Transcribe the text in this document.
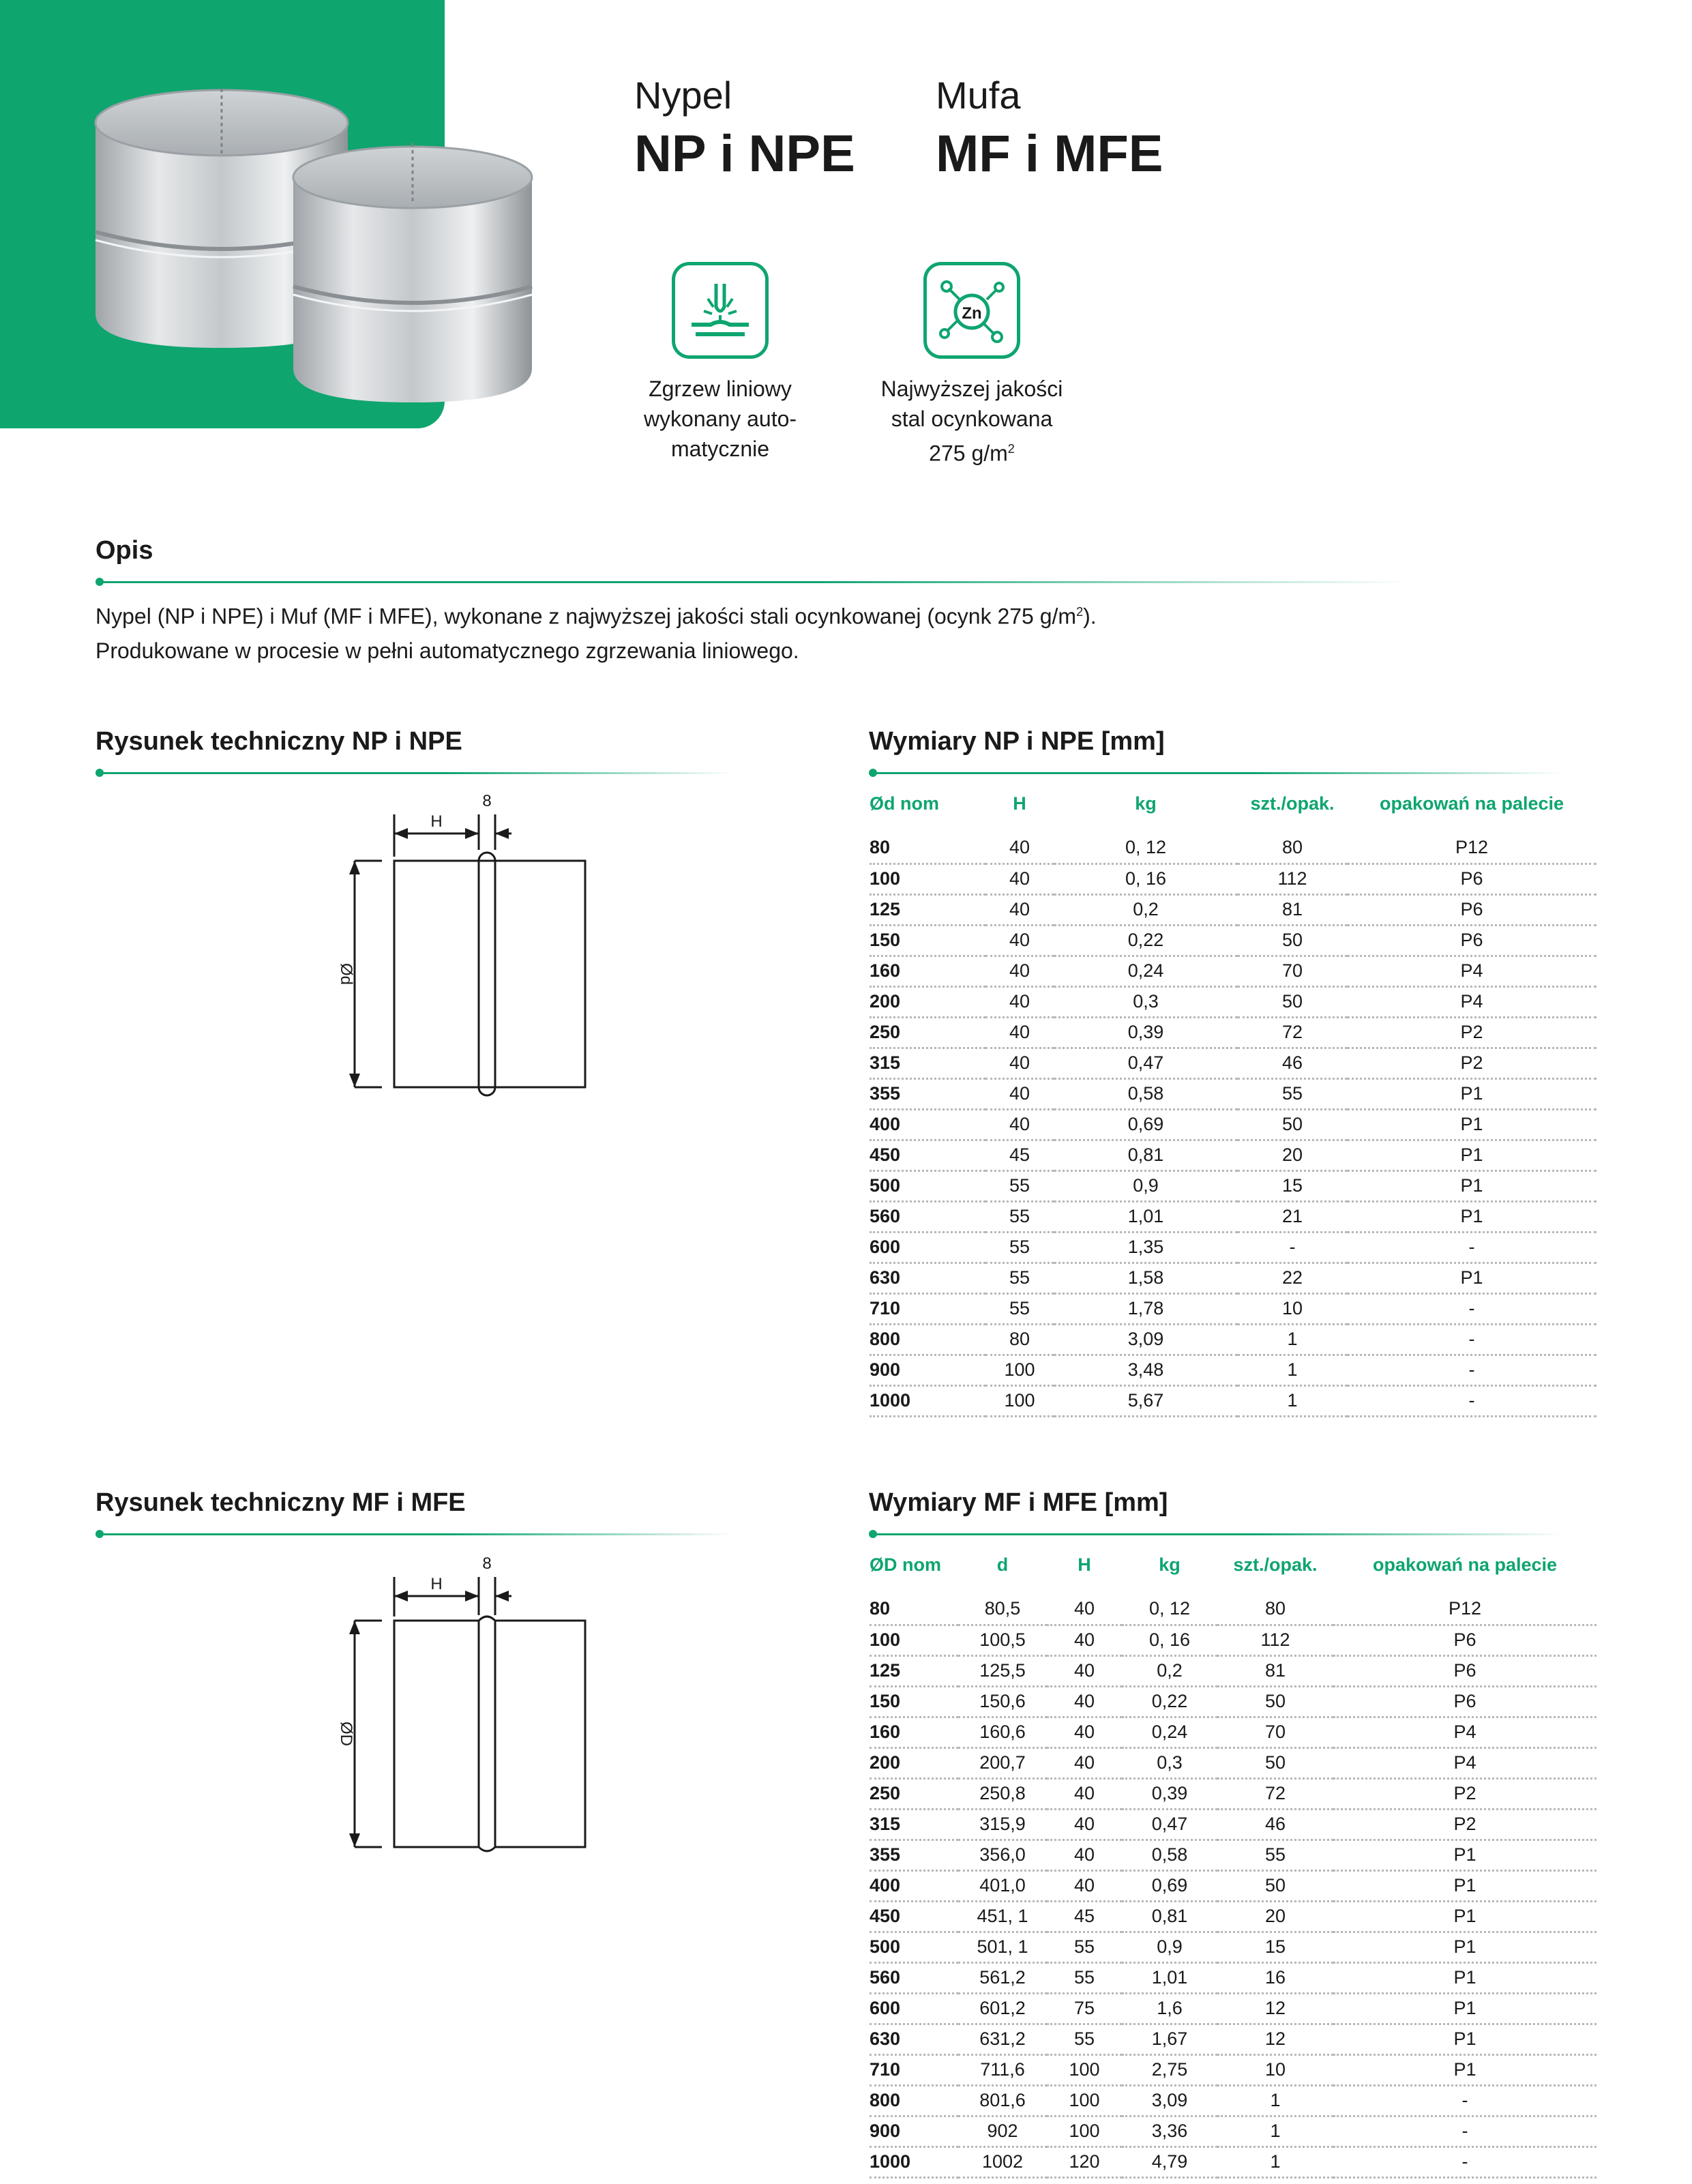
Nypel
NP i NPE
Mufa
MF i MFE
Zgrzew liniowy
wykonany auto-
matycznie
Zn
Najwyższej jakości
stal ocynkowana
275 $g/m^2$
Opis
Nypel (NP i NPE) i Muf (MF i MFE), wykonane z najwyższej jakości stali ocynkowanej (ocynk 275 $g/m^2$).
Produkowane w procesie w pełni automatycznego zgrzewania liniowego.
Rysunek techniczny NP i NPE
H
8
Ød
Wymiary NP i NPE [mm]
Ød nom	H	kg	szt./opak.	opakowań na palecie
80	40	0, 12	80	P12
100	40	0, 16	112	P6
125	40	0,2	81	P6
150	40	0,22	50	P6
160	40	0,24	70	P4
200	40	0,3	50	P4
250	40	0,39	72	P2
315	40	0,47	46	P2
355	40	0,58	55	P1
400	40	0,69	50	P1
450	45	0,81	20	P1
500	55	0,9	15	P1
560	55	1,01	21	P1
600	55	1,35	-	-
630	55	1,58	22	P1
710	55	1,78	10	-
800	80	3,09	1	-
900	100	3,48	1	-
1000	100	5,67	1	-
Rysunek techniczny MF i MFE
H
8
ØD
Wymiary MF i MFE [mm]
ØD nom	d	H	kg	szt./opak.	opakowań na palecie
80	80,5	40	0, 12	80	P12
100	100,5	40	0, 16	112	P6
125	125,5	40	0,2	81	P6
150	150,6	40	0,22	50	P6
160	160,6	40	0,24	70	P4
200	200,7	40	0,3	50	P4
250	250,8	40	0,39	72	P2
315	315,9	40	0,47	46	P2
355	356,0	40	0,58	55	P1
400	401,0	40	0,69	50	P1
450	451, 1	45	0,81	20	P1
500	501, 1	55	0,9	15	P1
560	561,2	55	1,01	16	P1
600	601,2	75	1,6	12	P1
630	631,2	55	1,67	12	P1
710	711,6	100	2,75	10	P1
800	801,6	100	3,09	1	-
900	902	100	3,36	1	-
1000	1002	120	4,79	1	-
